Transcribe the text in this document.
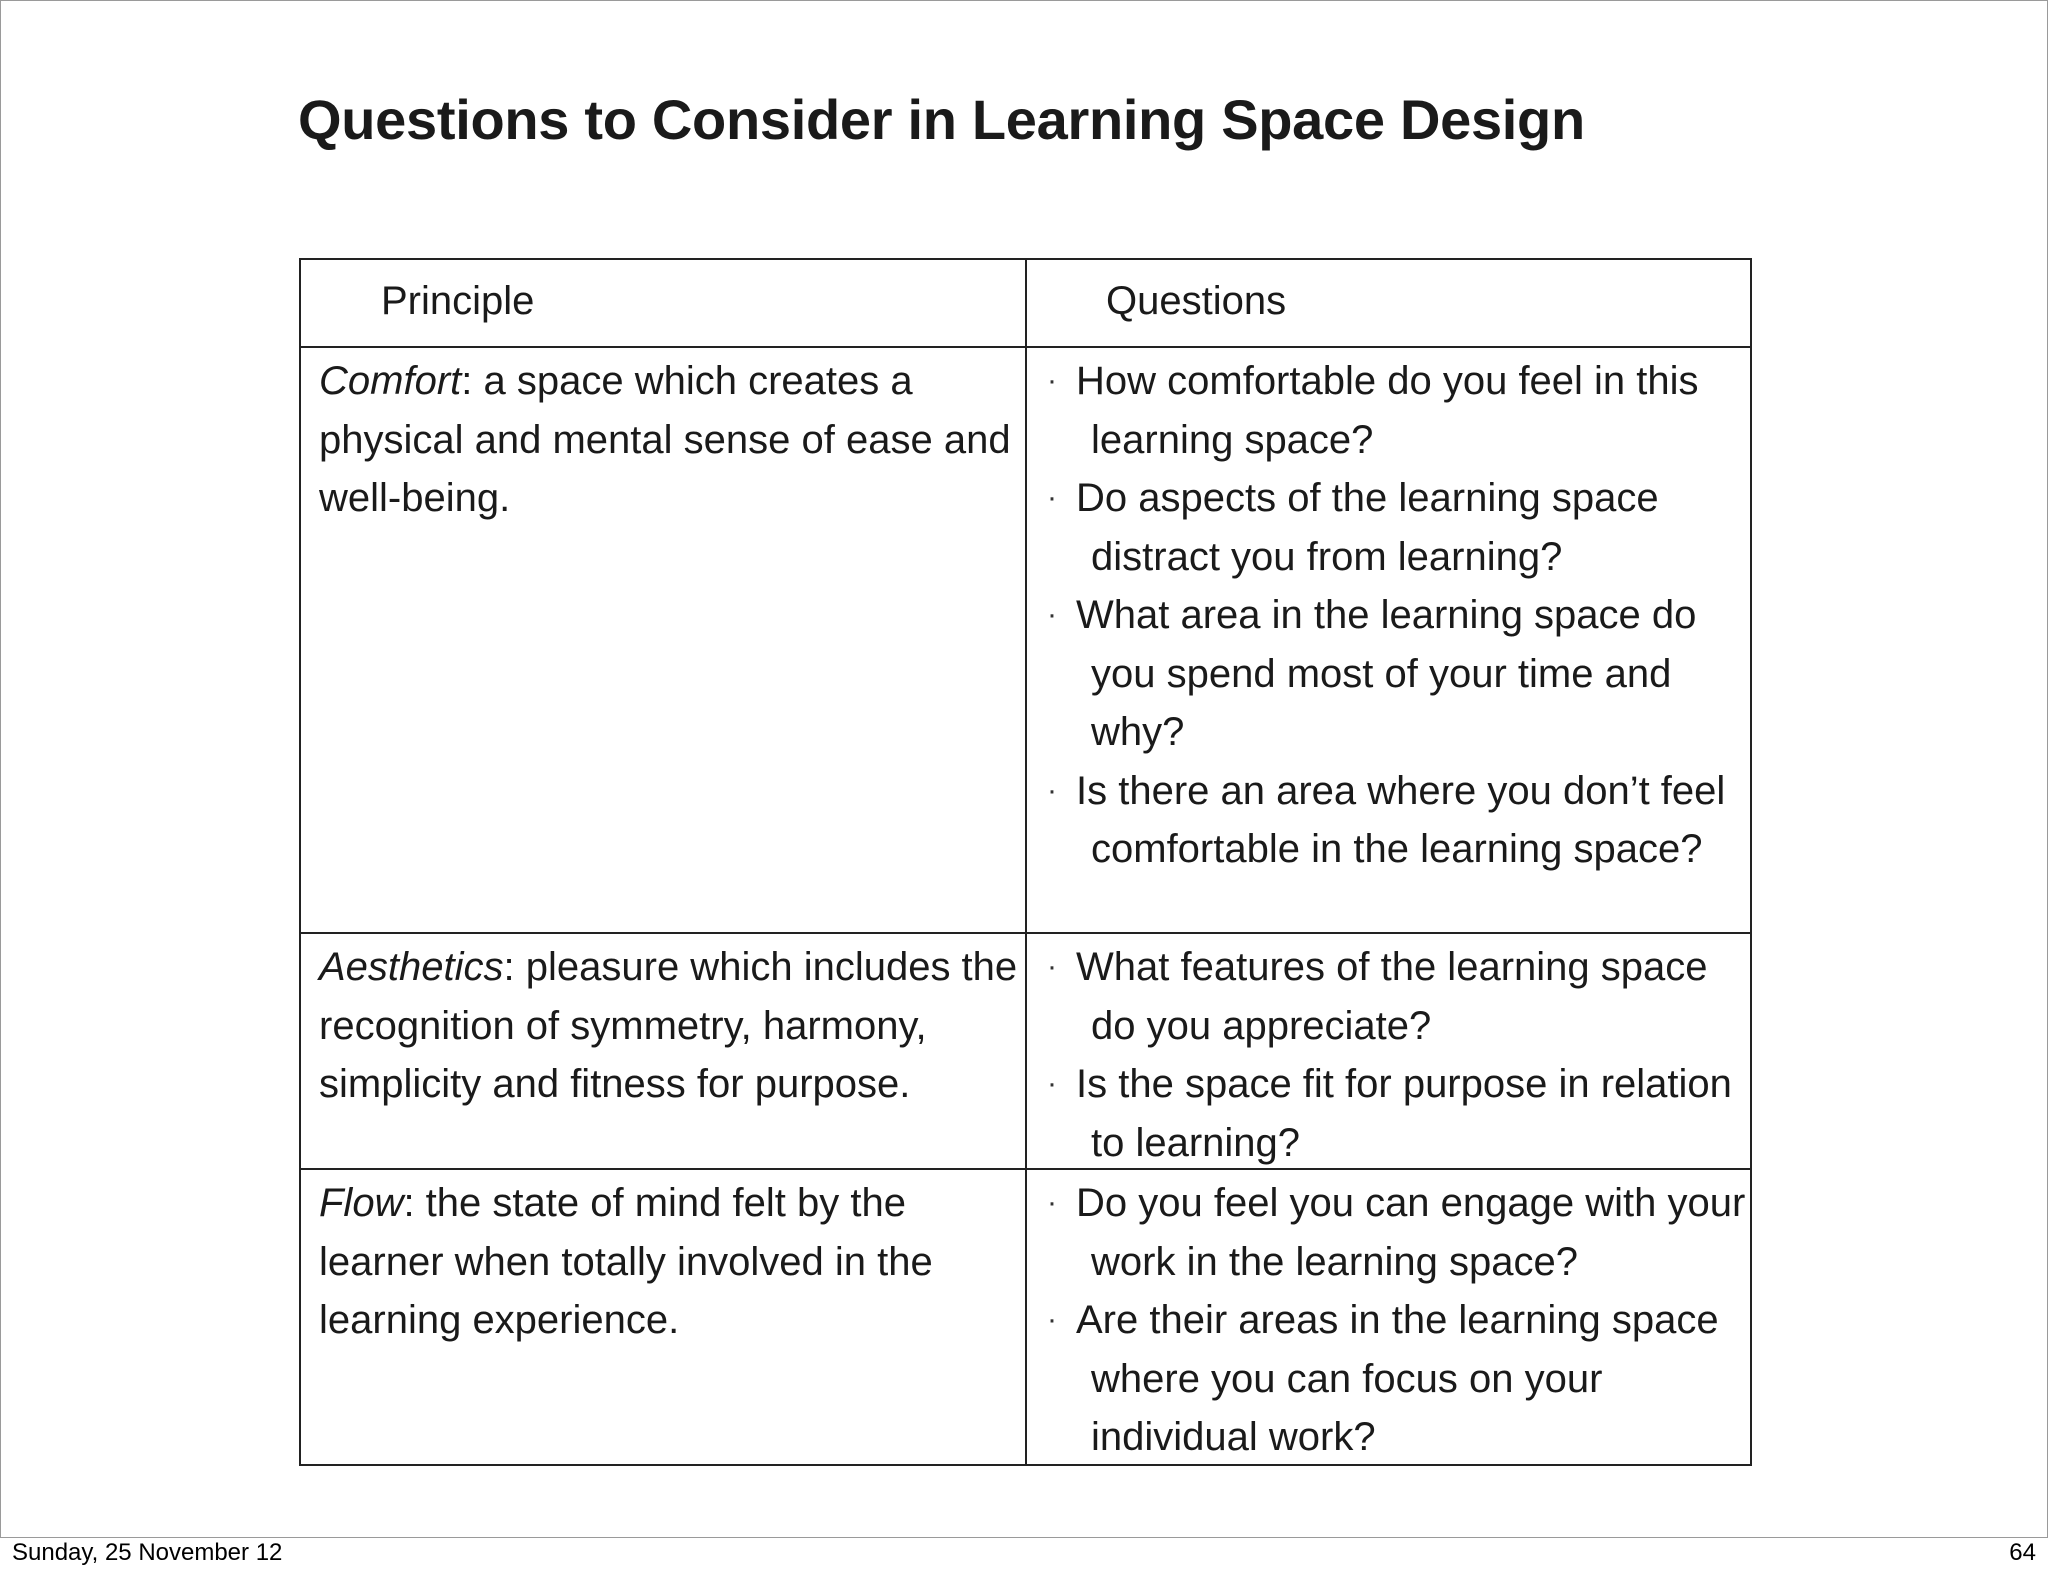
Questions to Consider in Learning Space Design
Principle	Questions
Comfort: a space which creates a physical and mental sense of ease and well-being.
· How comfortable do you feel in this learning space?
· Do aspects of the learning space distract you from learning?
· What area in the learning space do you spend most of your time and why?
· Is there an area where you don’t feel comfortable in the learning space?
Aesthetics: pleasure which includes the recognition of symmetry, harmony, simplicity and fitness for purpose.
· What features of the learning space do you appreciate?
· Is the space fit for purpose in relation to learning?
Flow: the state of mind felt by the learner when totally involved in the learning experience.
· Do you feel you can engage with your work in the learning space?
· Are their areas in the learning space where you can focus on your individual work?
Sunday, 25 November 12	64
